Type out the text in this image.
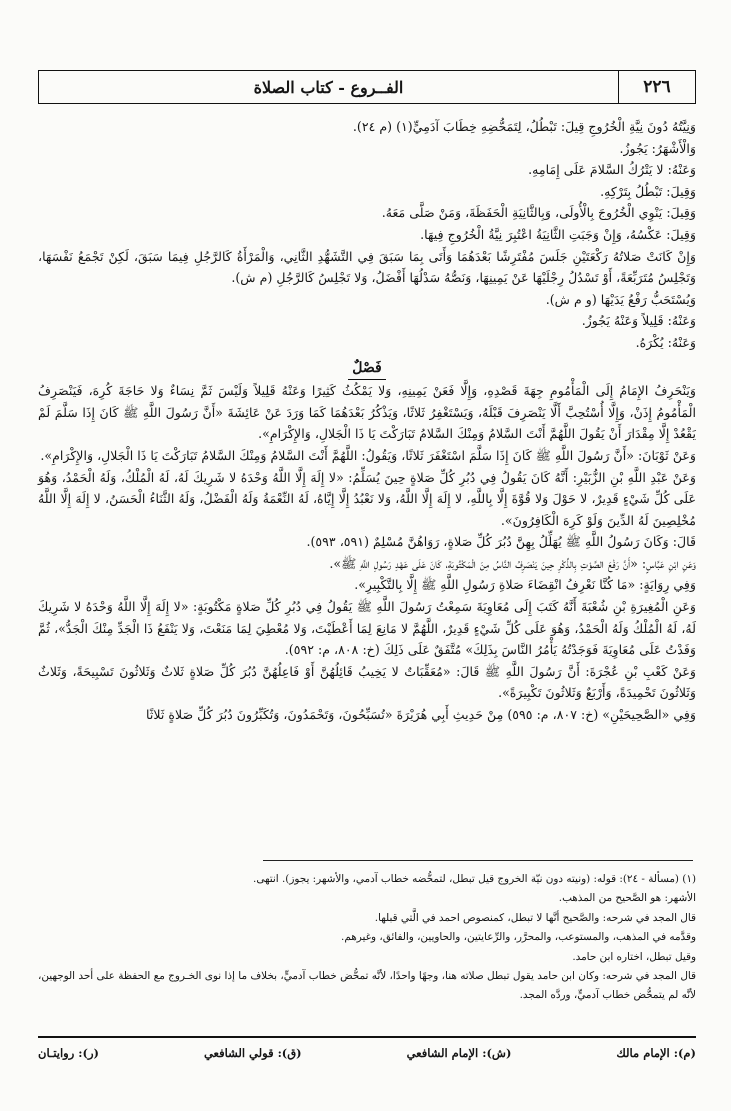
٢٢٦
الفــروع - كتاب الصلاة

وَنِيَّتُهُ دُونَ نِيَّةِ الْخُرُوجِ قِيلَ: تَبْطُلُ، لِتَمَحُّضِهِ خِطَابَ آدَمِيٍّ(١) (م ٢٤).

وَالْأَشْهَرُ: يَجُوزُ.

وَعَنْهُ: لا يَتْرُكُ السَّلامَ عَلَى إِمَامِهِ.

وَقِيلَ: تَبْطُلُ بِتَرْكِهِ.

وَقِيلَ: يَنْوِي الْخُرُوجَ بِالْأُولَى، وَبِالثَّانِيَةِ الْحَفَظَةَ، وَمَنْ صَلَّى مَعَهُ.

وَقِيلَ: عَكْسُهُ، وَإِنْ وَجَبَتِ الثَّانِيَةُ اعْتُبِرَ نِيَّةُ الْخُرُوجِ فِيهَا.

وَإِنْ كَانَتْ صَلاتُهُ رَكْعَتَيْنِ جَلَسَ مُفْتَرِشًا بَعْدَهُمَا وَأَتَى بِمَا سَبَقَ فِي التَّشَهُّدِ الثَّانِي، وَالْمَرْأَةُ كَالرَّجُلِ فِيمَا سَبَقَ، لَكِنْ تَجْمَعُ نَفْسَهَا، وَتَجْلِسُ مُتَرَبِّعَةً، أَوْ تَسْدُلُ رِجْلَيْهَا عَنْ يَمِينِهَا، وَنَصُّهُ سَدْلُهَا أَفْضَلُ، وَلا تَجْلِسُ كَالرَّجُلِ (م ش).

وَيُسْتَحَبُّ رَفْعُ يَدَيْهَا (و م ش).

وَعَنْهُ: قَلِيلاً وَعَنْهُ يَجُوزُ.

وَعَنْهُ: يُكْرَهُ.

فَصْلٌ

وَيَنْحَرِفُ الإِمَامُ إِلَى الْمَأْمُومِ جِهَةَ قَصْدِهِ، وَإِلَّا فَعَنْ يَمِينِهِ، وَلا يَمْكُثُ كَثِيرًا وَعَنْهُ قَلِيلاً وَلَيْسَ ثَمَّ نِسَاءٌ وَلا حَاجَةَ كُرِهَ، فَيَنْصَرِفُ الْمَأْمُومُ إِذَنْ، وَإِلَّا أُسْتُحِبَّ أَلَّا يَنْصَرِفَ قَبْلَهُ، وَيَسْتَغْفِرُ ثَلاثًا، وَيَذْكُرُ بَعْدَهُمَا كَمَا وَرَدَ عَنْ عَائِشَةَ «أَنَّ رَسُولَ اللَّهِ ﷺ كَانَ إِذَا سَلَّمَ لَمْ يَقْعُدْ إِلَّا مِقْدَارَ أَنْ يَقُولَ اللَّهُمَّ أَنْتَ السَّلامُ وَمِنْكَ السَّلامُ تَبَارَكْتَ يَا ذَا الْجَلالِ، وَالإِكْرَامِ».

وَعَنْ ثَوْبَانَ: «أَنَّ رَسُولَ اللَّهِ ﷺ كَانَ إِذَا سَلَّمَ اسْتَغْفَرَ ثَلاثًا، وَيَقُولُ: اللَّهُمَّ أَنْتَ السَّلامُ وَمِنْكَ السَّلامُ تَبَارَكْتَ يَا ذَا الْجَلالِ، وَالإِكْرَامِ».

وَعَنْ عَبْدِ اللَّهِ بْنِ الزُّبَيْرِ: أَنَّهُ كَانَ يَقُولُ فِي دُبُرِ كُلِّ صَلاةٍ حِينَ يُسَلِّمُ: «لا إِلَهَ إِلَّا اللَّهُ وَحْدَهُ لا شَرِيكَ لَهُ، لَهُ الْمُلْكُ، وَلَهُ الْحَمْدُ، وَهُوَ عَلَى كُلِّ شَيْءٍ قَدِيرٌ، لا حَوْلَ وَلا قُوَّةَ إِلَّا بِاللَّهِ، لا إِلَهَ إِلَّا اللَّهُ، وَلا نَعْبُدُ إِلَّا إِيَّاهُ، لَهُ النِّعْمَةُ وَلَهُ الْفَضْلُ، وَلَهُ الثَّنَاءُ الْحَسَنُ، لا إِلَهَ إِلَّا اللَّهُ مُخْلِصِينَ لَهُ الدِّينَ وَلَوْ كَرِهَ الْكَافِرُونَ».

قَالَ: وَكَانَ رَسُولُ اللَّهِ ﷺ يُهَلِّلُ بِهِنَّ دُبُرَ كُلِّ صَلاةٍ، رَوَاهُنَّ مُسْلِمٌ (٥٩١، ٥٩٣).

وَعَنِ ابْنِ عَبَّاسٍ: «أَنَّ رَفْعَ الصَّوْتِ بِالذِّكْرِ حِينَ يَنْصَرِفُ النَّاسُ مِنَ الْمَكْتُوبَةِ، كَانَ عَلَى عَهْدِ رَسُولِ اللَّهِ ﷺ».

وَفِي رِوَايَةٍ: «مَا كُنَّا نَعْرِفُ انْقِضَاءَ صَلاةِ رَسُولِ اللَّهِ ﷺ إِلَّا بِالتَّكْبِيرِ».

وَعَنِ الْمُغِيرَةِ بْنِ شُعْبَةَ أَنَّهُ كَتَبَ إِلَى مُعَاوِيَةَ سَمِعْتُ رَسُولَ اللَّهِ ﷺ يَقُولُ فِي دُبُرِ كُلِّ صَلاةٍ مَكْتُوبَةٍ: «لا إِلَهَ إِلَّا اللَّهُ وَحْدَهُ لا شَرِيكَ لَهُ، لَهُ الْمُلْكُ وَلَهُ الْحَمْدُ، وَهُوَ عَلَى كُلِّ شَيْءٍ قَدِيرٌ، اللَّهُمَّ لا مَانِعَ لِمَا أَعْطَيْتَ، وَلا مُعْطِيَ لِمَا مَنَعْتَ، وَلا يَنْفَعُ ذَا الْجَدِّ مِنْكَ الْجَدُّ»، ثُمَّ وَفَدْتُ عَلَى مُعَاوِيَةَ فَوَجَدْتُهُ يَأْمُرُ النَّاسَ بِذَلِكَ» مُتَّفَقٌ عَلَى ذَلِكَ (خ: ٨٠٨، م: ٥٩٢).

وَعَنْ كَعْبِ بْنِ عُجْرَةَ: أَنَّ رَسُولَ اللَّهِ ﷺ قَالَ: «مُعَقِّبَاتٌ لا يَخِيبُ قَائِلُهُنَّ أَوْ فَاعِلُهُنَّ دُبُرَ كُلِّ صَلاةٍ ثَلاثٌ وَثَلاثُونَ تَسْبِيحَةً، وَثَلاثٌ وَثَلاثُونَ تَحْمِيدَةً، وَأَرْبَعٌ وَثَلاثُونَ تَكْبِيرَةً».

وَفِي «الصَّحِيحَيْنِ» (خ: ٨٠٧، م: ٥٩٥) مِنْ حَدِيثِ أَبِي هُرَيْرَةَ «تُسَبِّحُونَ، وَتَحْمَدُونَ، وَتُكَبِّرُونَ دُبُرَ كُلِّ صَلاةٍ ثَلاثًا

(١) (مسألة - ٢٤): قوله: (ونيته دون نيّة الخروج قيل تبطل، لتمحُّضه خطاب آدمي، والأشهر: يجوز). انتهى.

الأشهر: هو الصَّحيح من المذهب.

قال المجد في شرحه: والصَّحيح أنَّها لا تبطل، كمنصوص احمد في الَّتي قبلها.

وقدَّمه في المذهب، والمستوعب، والمحرَّر، والرِّعايتين، والحاويين، والفائق، وغيرهم.

وقيل تبطل، اختاره ابن حامد.

قال المجد في شرحه: وكان ابن حامد يقول تبطل صلاته هنا، وجهًا واحدًا، لأنَّه تمحُّض خطاب آدميٍّ، بخلاف ما إذا نوى الخـروج مع الحفظة على أحد الوجهين، لأنَّه لم يتمحُّض خطاب آدميٍّ، وردَّه المجد.

(م): الإمام مالك
(ش): الإمام الشافعي
(ق): قولي الشافعي
(ر): روايتـان
